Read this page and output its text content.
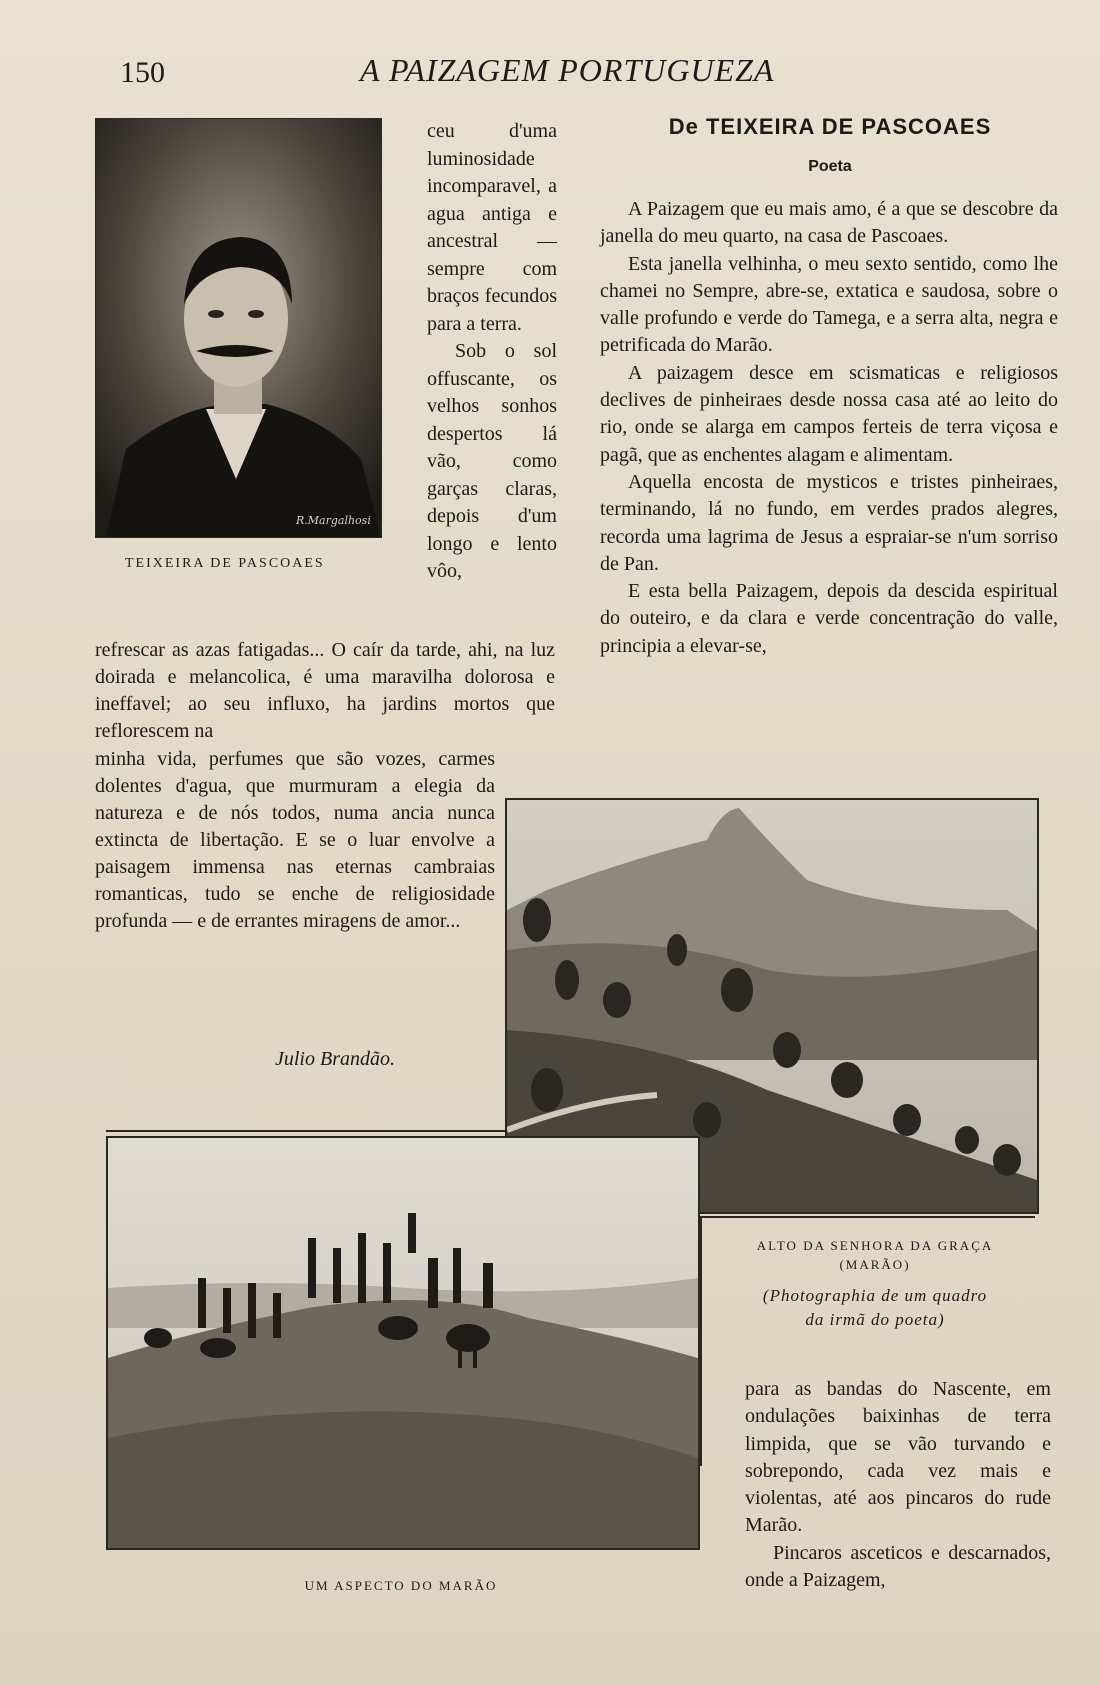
150	A PAIZAGEM PORTUGUEZA
R.Margalhosi
TEIXEIRA DE PASCOAES

ceu d'uma luminosidade incomparavel, a agua antiga e ancestral — sempre com braços fecundos para a terra.

Sob o sol offuscante, os velhos sonhos despertos lá vão, como garças claras, depois d'um longo e lento vôo,

refrescar as azas fatigadas... O caír da tarde, ahi, na luz doirada e melancolica, é uma maravilha dolorosa e ineffavel; ao seu influxo, ha jardins mortos que reflorescem na

minha vida, perfumes que são vozes, carmes dolentes d'agua, que murmuram a elegia da natureza e de nós todos, numa ancia nunca extincta de libertação. E se o luar envolve a paisagem immensa nas eternas cambraias romanticas, tudo se enche de religiosidade profunda — e de errantes miragens de amor...

Julio Brandão.
De TEIXEIRA DE PASCOAES
Poeta

A Paizagem que eu mais amo, é a que se descobre da janella do meu quarto, na casa de Pascoaes.

Esta janella velhinha, o meu sexto sentido, como lhe chamei no Sempre, abre-se, extatica e saudosa, sobre o valle profundo e verde do Tamega, e a serra alta, negra e petrificada do Marão.

A paizagem desce em scismaticas e religiosos declives de pinheiraes desde nossa casa até ao leito do rio, onde se alarga em campos ferteis de terra viçosa e pagã, que as enchentes alagam e alimentam.

Aquella encosta de mysticos e tristes pinheiraes, terminando, lá no fundo, em verdes prados alegres, recorda uma lagrima de Jesus a espraiar-se n'um sorriso de Pan.

E esta bella Paizagem, depois da descida espiritual do outeiro, e da clara e verde concentração do valle, principia a elevar-se,

ALTO DA SENHORA DA GRAÇA
(MARÃO)
(Photographia de um quadro
da irmã do poeta)
UM ASPECTO DO MARÃO

para as bandas do Nascente, em ondulações baixinhas de terra limpida, que se vão turvando e sobrepondo, cada vez mais e violentas, até aos pincaros do rude Marão.

Pincaros asceticos e descarnados, onde a Paizagem,
